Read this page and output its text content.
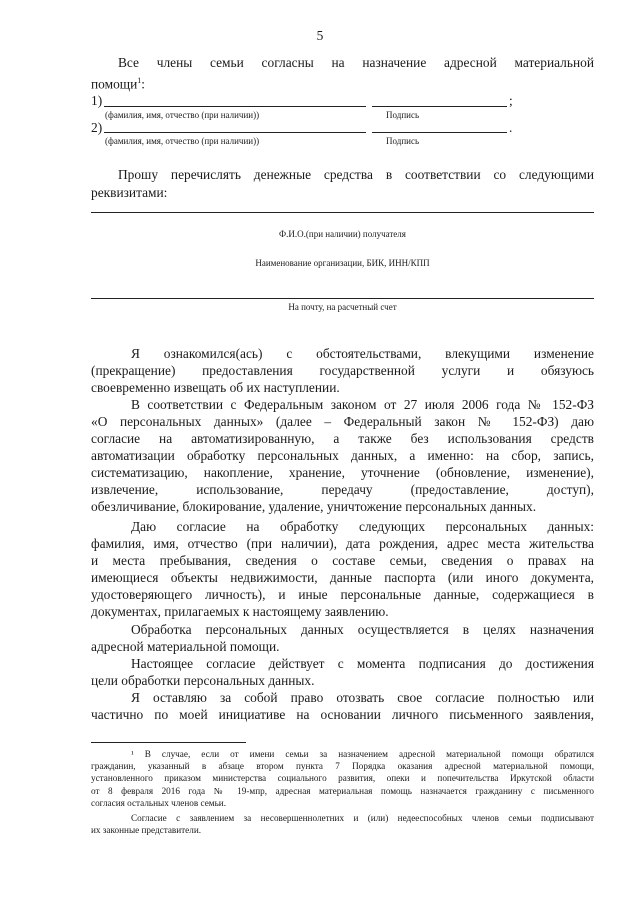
5
Все члены семьи согласны на назначение адресной материальной
помощи$^1$:
1)	;
(фамилия, имя, отчество (при наличии))	Подпись
2)	.
(фамилия, имя, отчество (при наличии))	Подпись
Прошу перечислять денежные средства в соответствии со следующими
реквизитами:
Ф.И.О.(при наличии) получателя
Наименование организации, БИК, ИНН/КПП
На почту, на расчетный счет
Я ознакомился(ась) с обстоятельствами, влекущими изменение
(прекращение) предоставления государственной услуги и обязуюсь
своевременно извещать об их наступлении.
В соответствии с Федеральным законом от 27 июля 2006 года № 152-ФЗ
«О персональных данных» (далее – Федеральный закон № 152-ФЗ) даю
согласие на автоматизированную, а также без использования средств
автоматизации обработку персональных данных, а именно: на сбор, запись,
систематизацию, накопление, хранение, уточнение (обновление, изменение),
извлечение, использование, передачу (предоставление, доступ),
обезличивание, блокирование, удаление, уничтожение персональных данных.
Даю согласие на обработку следующих персональных данных:
фамилия, имя, отчество (при наличии), дата рождения, адрес места жительства
и места пребывания, сведения о составе семьи, сведения о правах на
имеющиеся объекты недвижимости, данные паспорта (или иного документа,
удостоверяющего личность), и иные персональные данные, содержащиеся в
документах, прилагаемых к настоящему заявлению.
Обработка персональных данных осуществляется в целях назначения
адресной материальной помощи.
Настоящее согласие действует с момента подписания до достижения
цели обработки персональных данных.
Я оставляю за собой право отозвать свое согласие полностью или
частично по моей инициативе на основании личного письменного заявления,
¹ В случае, если от имени семьи за назначением адресной материальной помощи обратился
гражданин, указанный в абзаце втором пункта 7 Порядка оказания адресной материальной помощи,
установленного приказом министерства социального развития, опеки и попечительства Иркутской области
от 8 февраля 2016 года № 19-мпр, адресная материальная помощь назначается гражданину с письменного
согласия остальных членов семьи.
Согласие с заявлением за несовершеннолетних и (или) недееспособных членов семьи подписывают
их законные представители.
